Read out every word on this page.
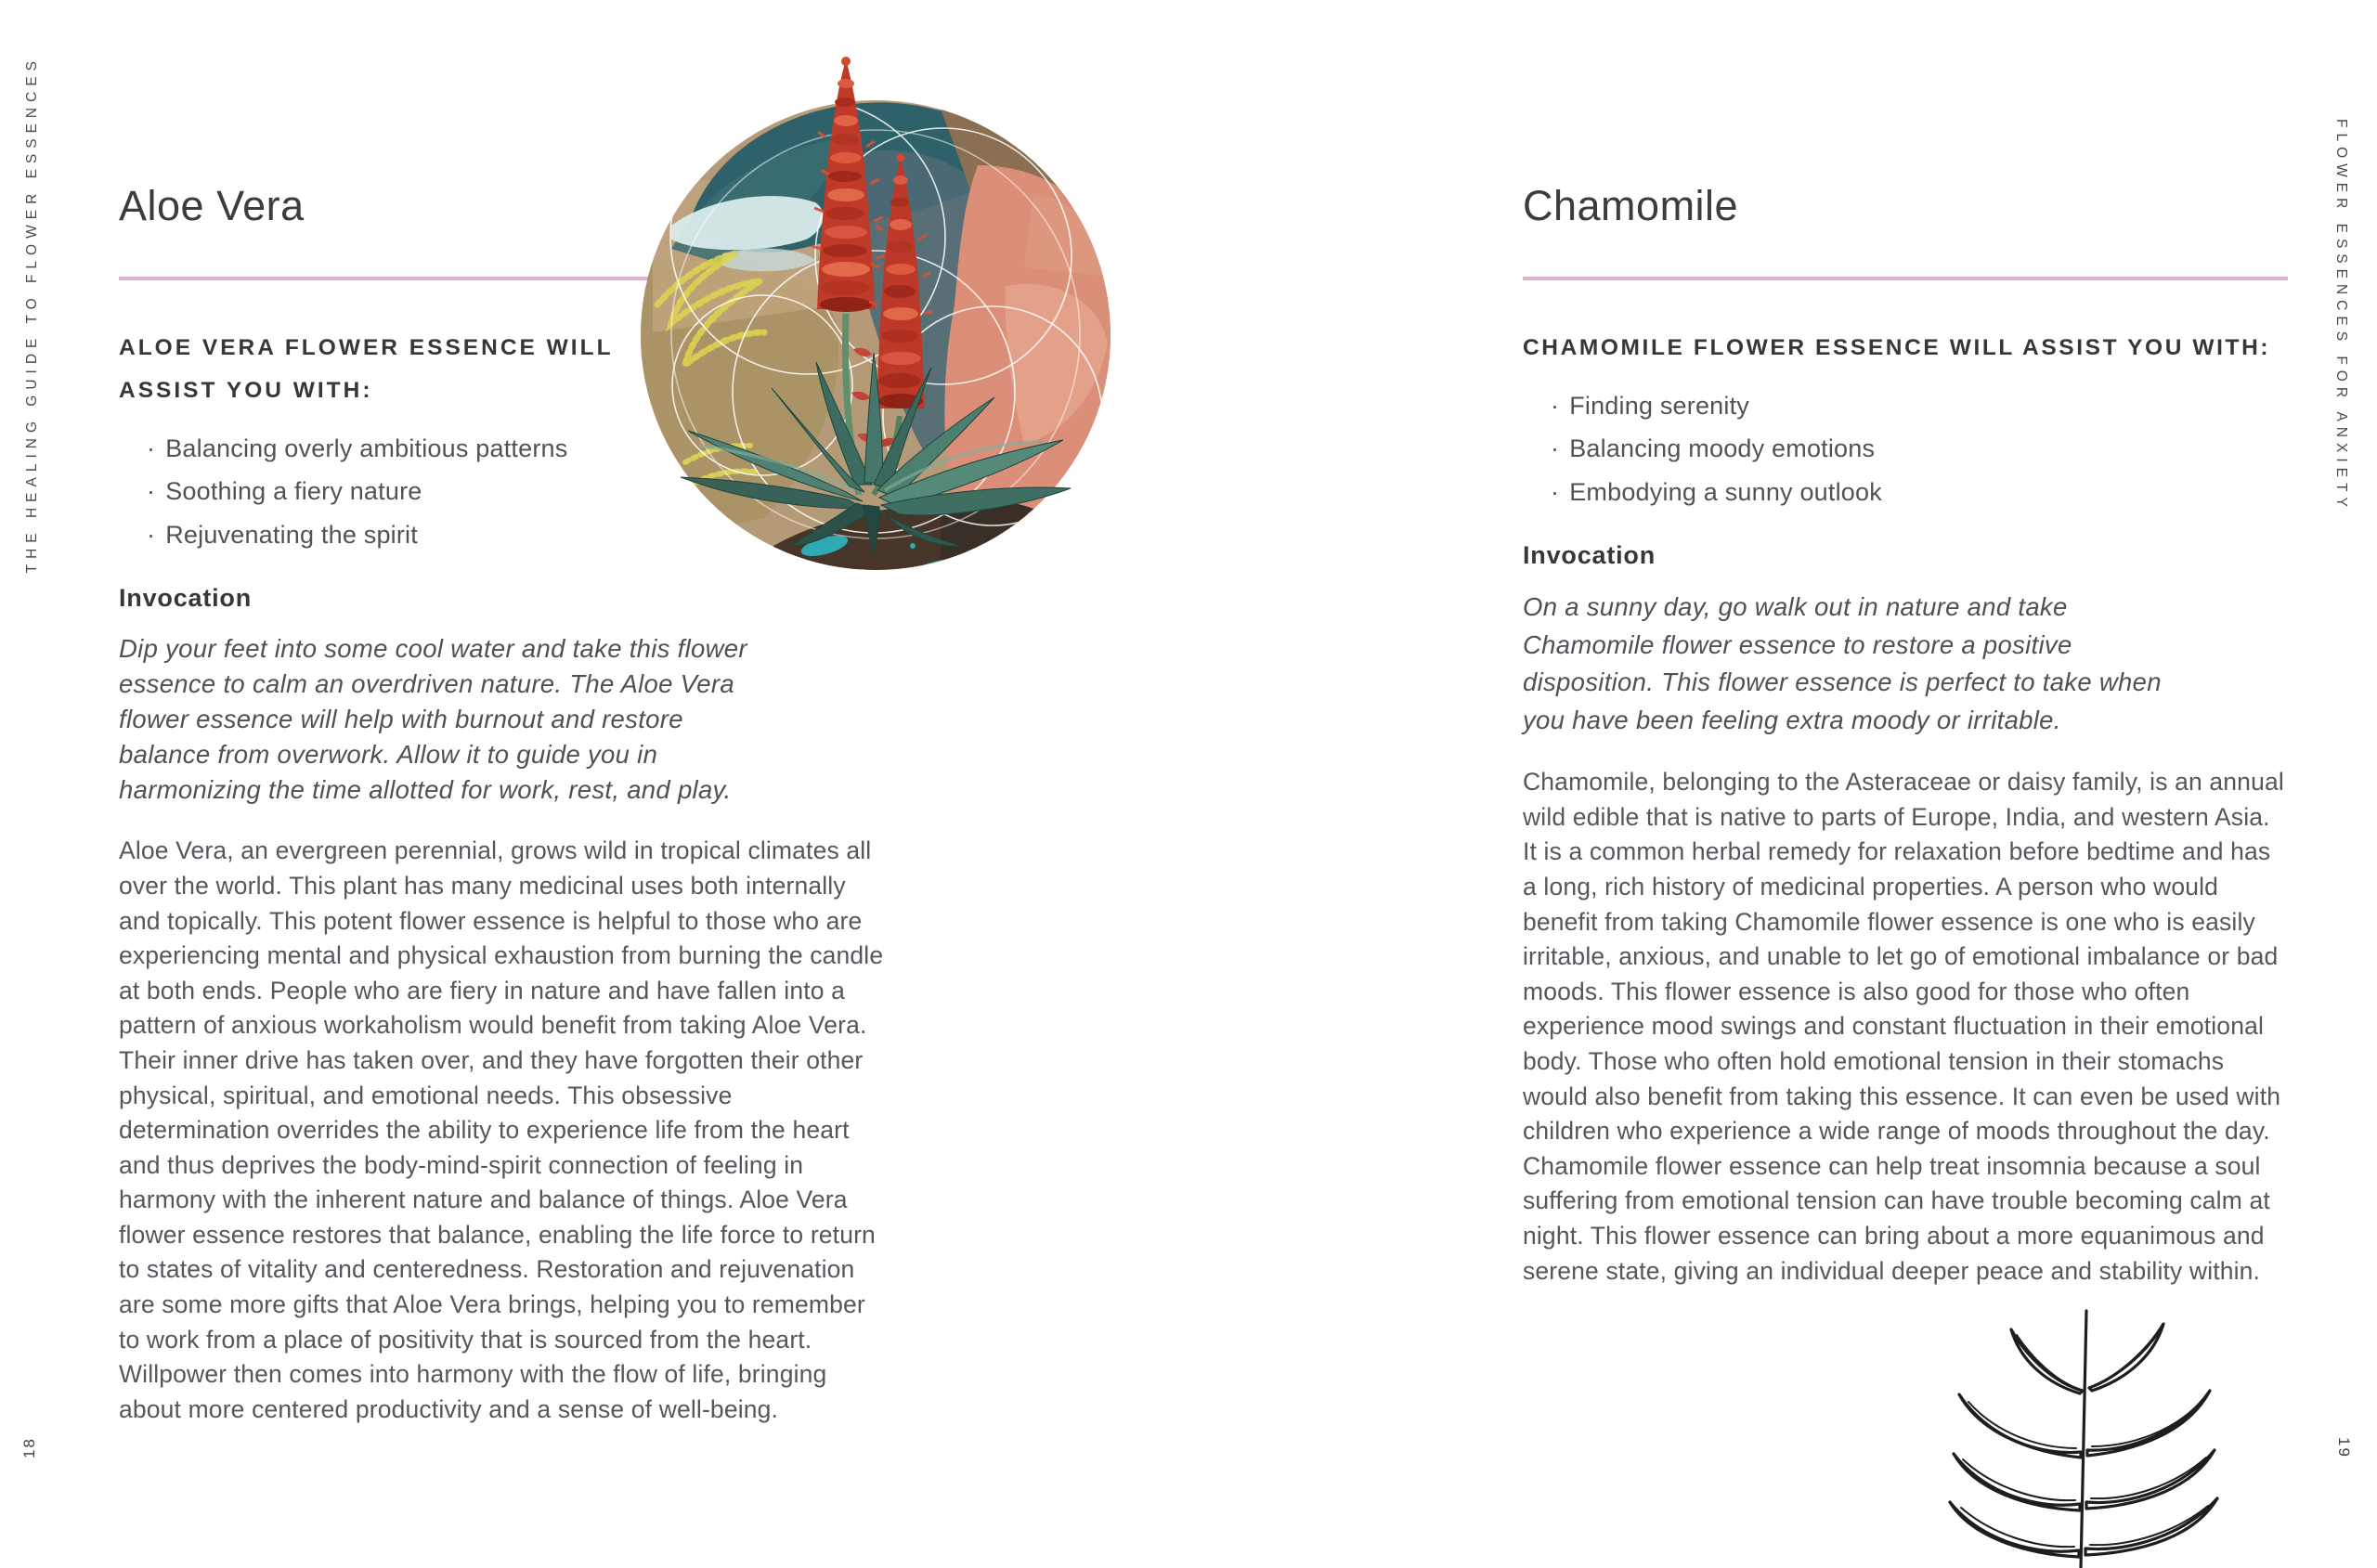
THE HEALING GUIDE TO FLOWER ESSENCES	FLOWER ESSENCES FOR ANXIETY
18	19
Aloe Vera
ALOE VERA FLOWER ESSENCE WILL ASSIST YOU WITH:
· Balancing overly ambitious patterns
· Soothing a fiery nature
· Rejuvenating the spirit
Invocation

Dip your feet into some cool water and take this flower essence to calm an overdriven nature. The Aloe Vera flower essence will help with burnout and restore balance from overwork. Allow it to guide you in harmonizing the time allotted for work, rest, and play.

Aloe Vera, an evergreen perennial, grows wild in tropical climates all over the world. This plant has many medicinal uses both internally and topically. This potent flower essence is helpful to those who are experiencing mental and physical exhaustion from burning the candle at both ends. People who are fiery in nature and have fallen into a pattern of anxious workaholism would benefit from taking Aloe Vera. Their inner drive has taken over, and they have forgotten their other physical, spiritual, and emotional needs. This obsessive determination overrides the ability to experience life from the heart and thus deprives the body-mind-spirit connection of feeling in harmony with the inherent nature and balance of things. Aloe Vera flower essence restores that balance, enabling the life force to return to states of vitality and centeredness. Restoration and rejuvenation are some more gifts that Aloe Vera brings, helping you to remember to work from a place of positivity that is sourced from the heart. Willpower then comes into harmony with the flow of life, bringing about more centered productivity and a sense of well-being.

Chamomile
CHAMOMILE FLOWER ESSENCE WILL ASSIST YOU WITH:
· Finding serenity
· Balancing moody emotions
· Embodying a sunny outlook
Invocation

On a sunny day, go walk out in nature and take Chamomile flower essence to restore a positive disposition. This flower essence is perfect to take when you have been feeling extra moody or irritable.

Chamomile, belonging to the Asteraceae or daisy family, is an annual wild edible that is native to parts of Europe, India, and western Asia. It is a common herbal remedy for relaxation before bedtime and has a long, rich history of medicinal properties. A person who would benefit from taking Chamomile flower essence is one who is easily irritable, anxious, and unable to let go of emotional imbalance or bad moods. This flower essence is also good for those who often experience mood swings and constant fluctuation in their emotional body. Those who often hold emotional tension in their stomachs would also benefit from taking this essence. It can even be used with children who experience a wide range of moods throughout the day. Chamomile flower essence can help treat insomnia because a soul suffering from emotional tension can have trouble becoming calm at night. This flower essence can bring about a more equanimous and serene state, giving an individual deeper peace and stability within.
